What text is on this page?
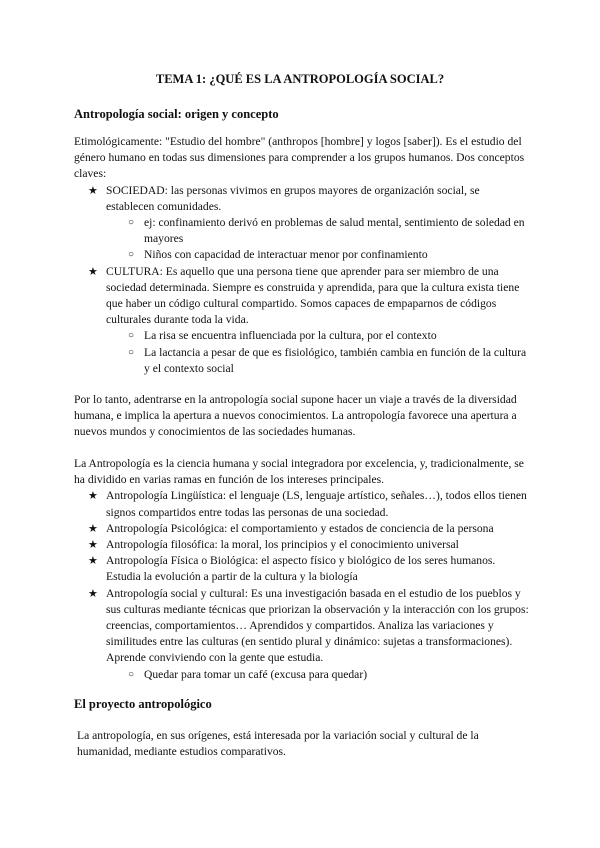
TEMA 1: ¿QUÉ ES LA ANTROPOLOGÍA SOCIAL?
Antropología social: origen y concepto
Etimológicamente: "Estudio del hombre" (anthropos [hombre] y logos [saber]). Es el estudio del género humano en todas sus dimensiones para comprender a los grupos humanos. Dos conceptos claves:
★ SOCIEDAD: las personas vivimos en grupos mayores de organización social, se establecen comunidades.
○ ej: confinamiento derivó en problemas de salud mental, sentimiento de soledad en mayores
○ Niños con capacidad de interactuar menor por confinamiento
★ CULTURA: Es aquello que una persona tiene que aprender para ser miembro de una sociedad determinada. Siempre es construida y aprendida, para que la cultura exista tiene que haber un código cultural compartido. Somos capaces de empaparnos de códigos culturales durante toda la vida.
○ La risa se encuentra influenciada por la cultura, por el contexto
○ La lactancia a pesar de que es fisiológico, también cambia en función de la cultura y el contexto social
Por lo tanto, adentrarse en la antropología social supone hacer un viaje a través de la diversidad humana, e implica la apertura a nuevos conocimientos. La antropología favorece una apertura a nuevos mundos y conocimientos de las sociedades humanas.
La Antropología es la ciencia humana y social integradora por excelencia, y, tradicionalmente, se ha dividido en varias ramas en función de los intereses principales.
★ Antropología Lingüística: el lenguaje (LS, lenguaje artístico, señales…), todos ellos tienen signos compartidos entre todas las personas de una sociedad.
★ Antropología Psicológica: el comportamiento y estados de conciencia de la persona
★ Antropología filosófica: la moral, los principios y el conocimiento universal
★ Antropología Física o Biológica: el aspecto físico y biológico de los seres humanos. Estudia la evolución a partir de la cultura y la biología
★ Antropología social y cultural: Es una investigación basada en el estudio de los pueblos y sus culturas mediante técnicas que priorizan la observación y la interacción con los grupos: creencias, comportamientos… Aprendidos y compartidos. Analiza las variaciones y similitudes entre las culturas (en sentido plural y dinámico: sujetas a transformaciones). Aprende conviviendo con la gente que estudia.
○ Quedar para tomar un café (excusa para quedar)
El proyecto antropológico
La antropología, en sus orígenes, está interesada por la variación social y cultural de la humanidad, mediante estudios comparativos.
